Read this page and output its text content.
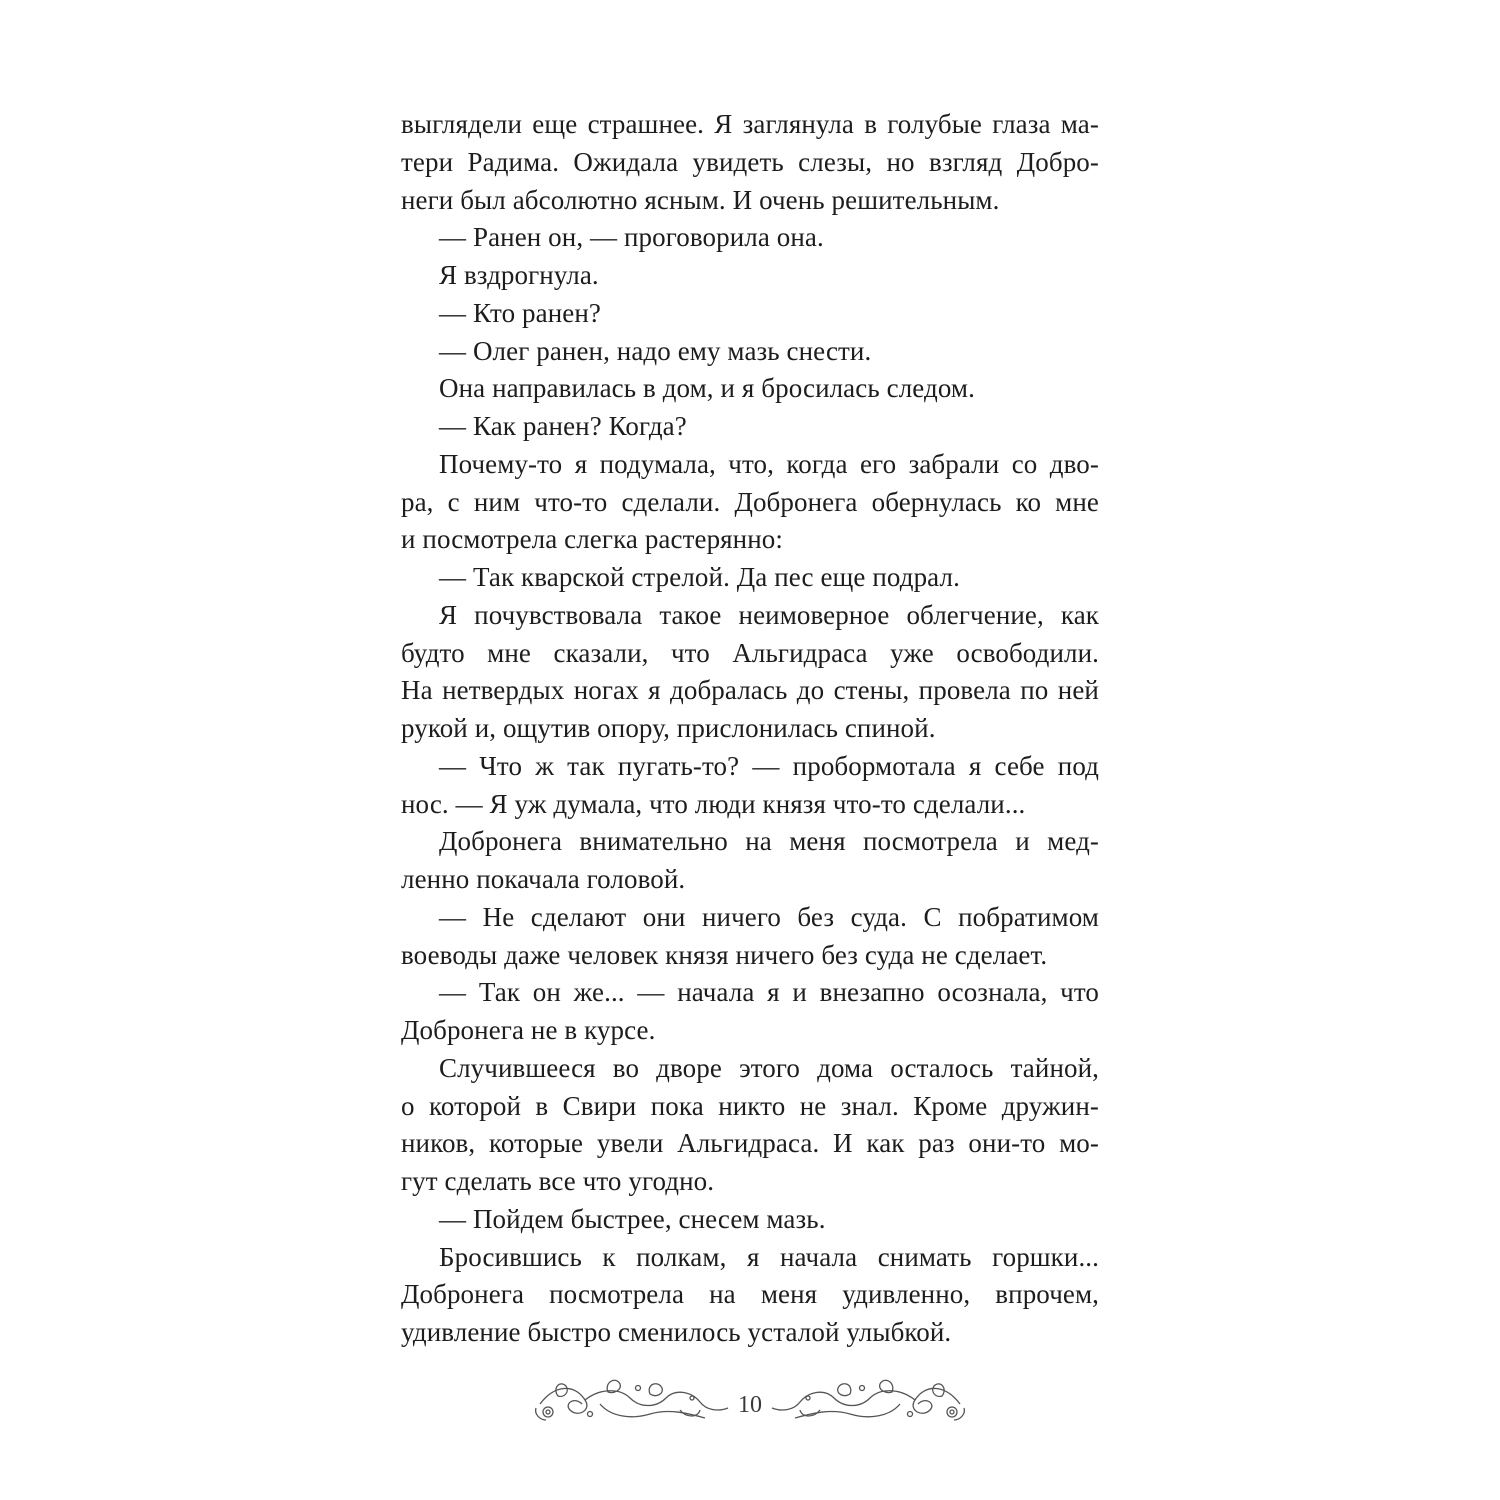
выглядели еще страшнее. Я заглянула в голубые глаза ма-
тери Радима. Ожидала увидеть слезы, но взгляд Добро-
неги был абсолютно ясным. И очень решительным.
— Ранен он, — проговорила она.
Я вздрогнула.
— Кто ранен?
— Олег ранен, надо ему мазь снести.
Она направилась в дом, и я бросилась следом.
— Как ранен? Когда?
Почему-то я подумала, что, когда его забрали со дво-
ра, с ним что-то сделали. Добронега обернулась ко мне
и посмотрела слегка растерянно:
— Так кварской стрелой. Да пес еще подрал.
Я почувствовала такое неимоверное облегчение, как
будто мне сказали, что Альгидраса уже освободили.
На нетвердых ногах я добралась до стены, провела по ней
рукой и, ощутив опору, прислонилась спиной.
— Что ж так пугать-то? — пробормотала я себе под
нос. — Я уж думала, что люди князя что-то сделали...
Добронега внимательно на меня посмотрела и мед-
ленно покачала головой.
— Не сделают они ничего без суда. С побратимом
воеводы даже человек князя ничего без суда не сделает.
— Так он же... — начала я и внезапно осознала, что
Добронега не в курсе.
Случившееся во дворе этого дома осталось тайной,
о которой в Свири пока никто не знал. Кроме дружин-
ников, которые увели Альгидраса. И как раз они-то мо-
гут сделать все что угодно.
— Пойдем быстрее, снесем мазь.
Бросившись к полкам, я начала снимать горшки...
Добронега посмотрела на меня удивленно, впрочем,
удивление быстро сменилось усталой улыбкой.
10
